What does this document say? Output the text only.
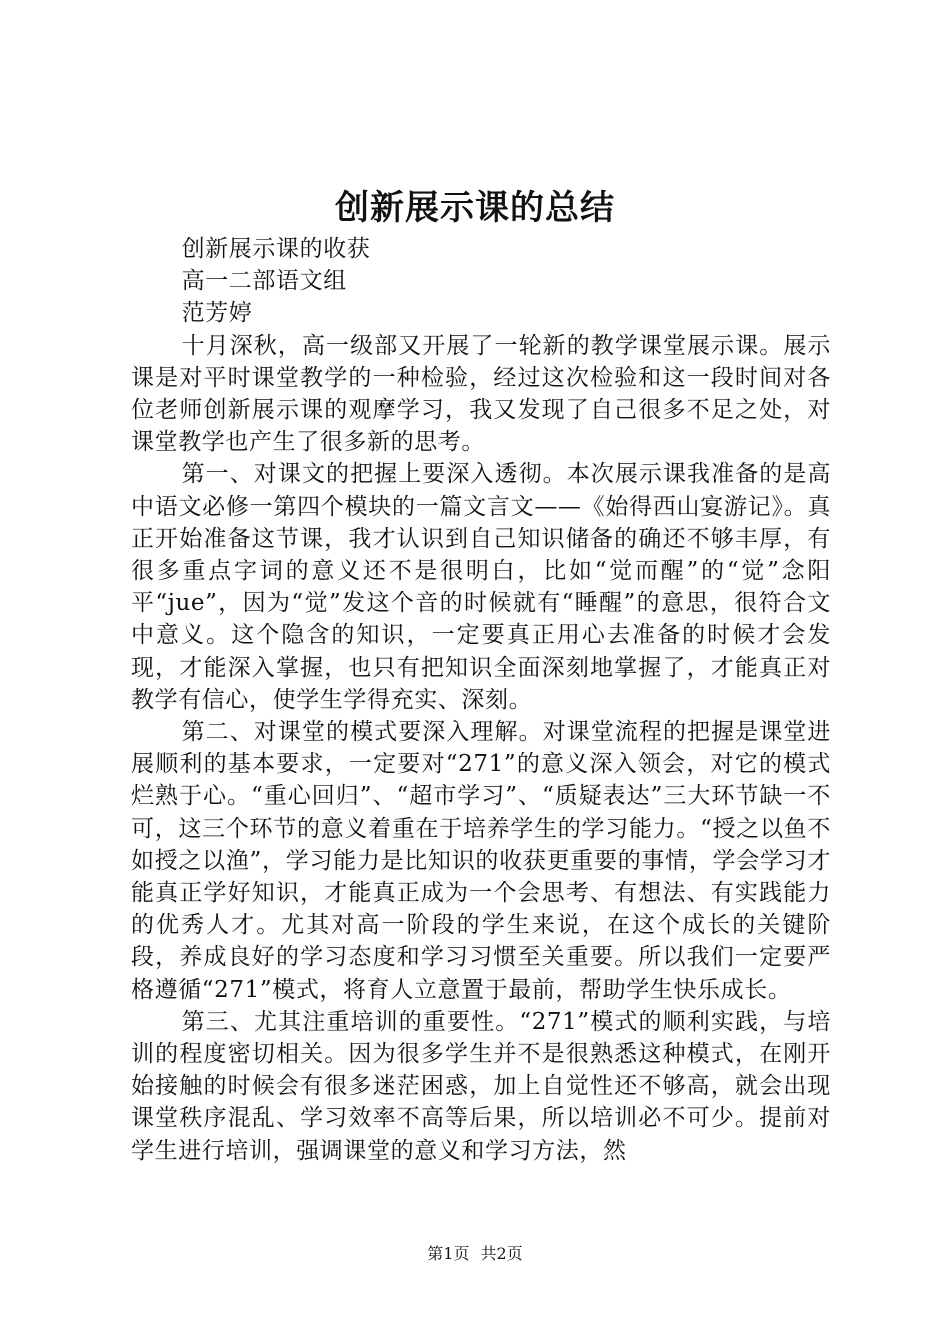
创新展示课的总结

创新展示课的收获

高一二部语文组

范芳婷

十月深秋，高一级部又开展了一轮新的教学课堂展示课。展示课是对平时课堂教学的一种检验，经过这次检验和这一段时间对各位老师创新展示课的观摩学习，我又发现了自己很多不足之处，对课堂教学也产生了很多新的思考。

第一、对课文的把握上要深入透彻。本次展示课我准备的是高中语文必修一第四个模块的一篇文言文——《始得西山宴游记》。真正开始准备这节课，我才认识到自己知识储备的确还不够丰厚，有很多重点字词的意义还不是很明白，比如“觉而醒”的“觉”念阳平“jue”，因为“觉”发这个音的时候就有“睡醒”的意思，很符合文中意义。这个隐含的知识，一定要真正用心去准备的时候才会发现，才能深入掌握，也只有把知识全面深刻地掌握了，才能真正对教学有信心，使学生学得充实、深刻。

第二、对课堂的模式要深入理解。对课堂流程的把握是课堂进展顺利的基本要求，一定要对“271”的意义深入领会，对它的模式烂熟于心。“重心回归”、“超市学习”、“质疑表达”三大环节缺一不可，这三个环节的意义着重在于培养学生的学习能力。“授之以鱼不如授之以渔”，学习能力是比知识的收获更重要的事情，学会学习才能真正学好知识，才能真正成为一个会思考、有想法、有实践能力的优秀人才。尤其对高一阶段的学生来说，在这个成长的关键阶段，养成良好的学习态度和学习习惯至关重要。所以我们一定要严格遵循“271”模式，将育人立意置于最前，帮助学生快乐成长。

第三、尤其注重培训的重要性。“271”模式的顺利实践，与培训的程度密切相关。因为很多学生并不是很熟悉这种模式，在刚开始接触的时候会有很多迷茫困惑，加上自觉性还不够高，就会出现课堂秩序混乱、学习效率不高等后果，所以培训必不可少。提前对学生进行培训，强调课堂的意义和学习方法，然

第1页 共2页
